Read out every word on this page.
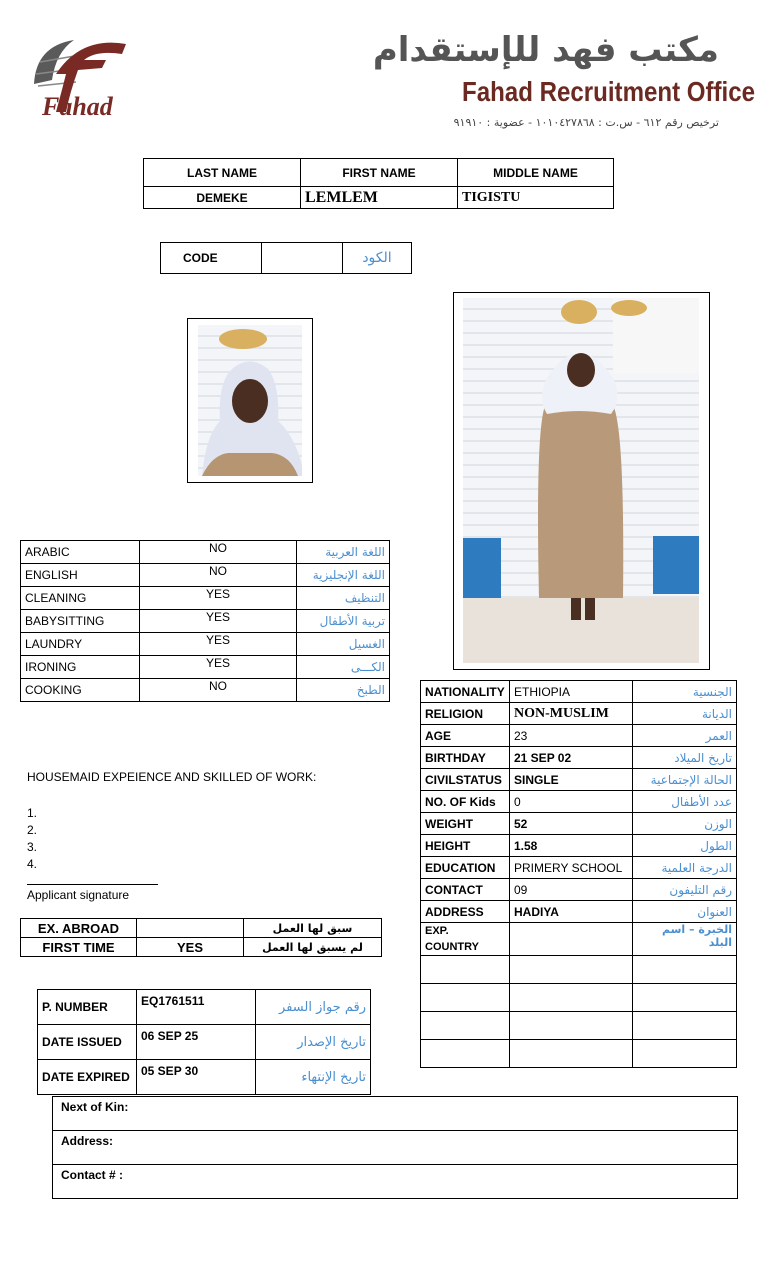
Fahad
مكتب فهد للإستقدام
Fahad Recruitment Office
ترخيص رقم ٦١٢ - س.ت : ١٠١٠٤٢٧٨٦٨ - عضوية : ٩١٩١٠
LAST NAME	FIRST NAME	MIDDLE NAME
DEMEKE	LEMLEM	TIGISTU
CODE		الكود
ARABIC	NO	اللغة العربية
ENGLISH	NO	اللغة الإنجليزية
CLEANING	YES	التنظيف
BABYSITTING	YES	تربية الأطفال
LAUNDRY	YES	الغسيل
IRONING	YES	الكـــى
COOKING	NO	الطبخ
HOUSEMAID EXPEIENCE AND SKILLED OF WORK:
1.
2.
3.
4.
Applicant signature
EX. ABROAD		سبق لها العمل
FIRST TIME	YES	لم يسبق لها العمل
P. NUMBER	EQ1761511	رقم جواز السفر
DATE ISSUED	06 SEP 25	تاريخ الإصدار
DATE EXPIRED	05 SEP 30	تاريخ الإنتهاء
NATIONALITY	ETHIOPIA	الجنسية
RELIGION	NON-MUSLIM	الديانة
AGE	23	العمر
BIRTHDAY	21 SEP 02	تاريخ الميلاد
CIVILSTATUS	SINGLE	الحالة الإجتماعية
NO. OF Kids	0	عدد الأطفال
WEIGHT	52	الوزن
HEIGHT	1.58	الطول
EDUCATION	PRIMERY SCHOOL	الدرجة العلمية
CONTACT	09	رقم التليفون
ADDRESS	HADIYA	العنوان
EXP.
COUNTRY		الخبرة – اسم البلد

Next of Kin:
Address:
Contact # :
